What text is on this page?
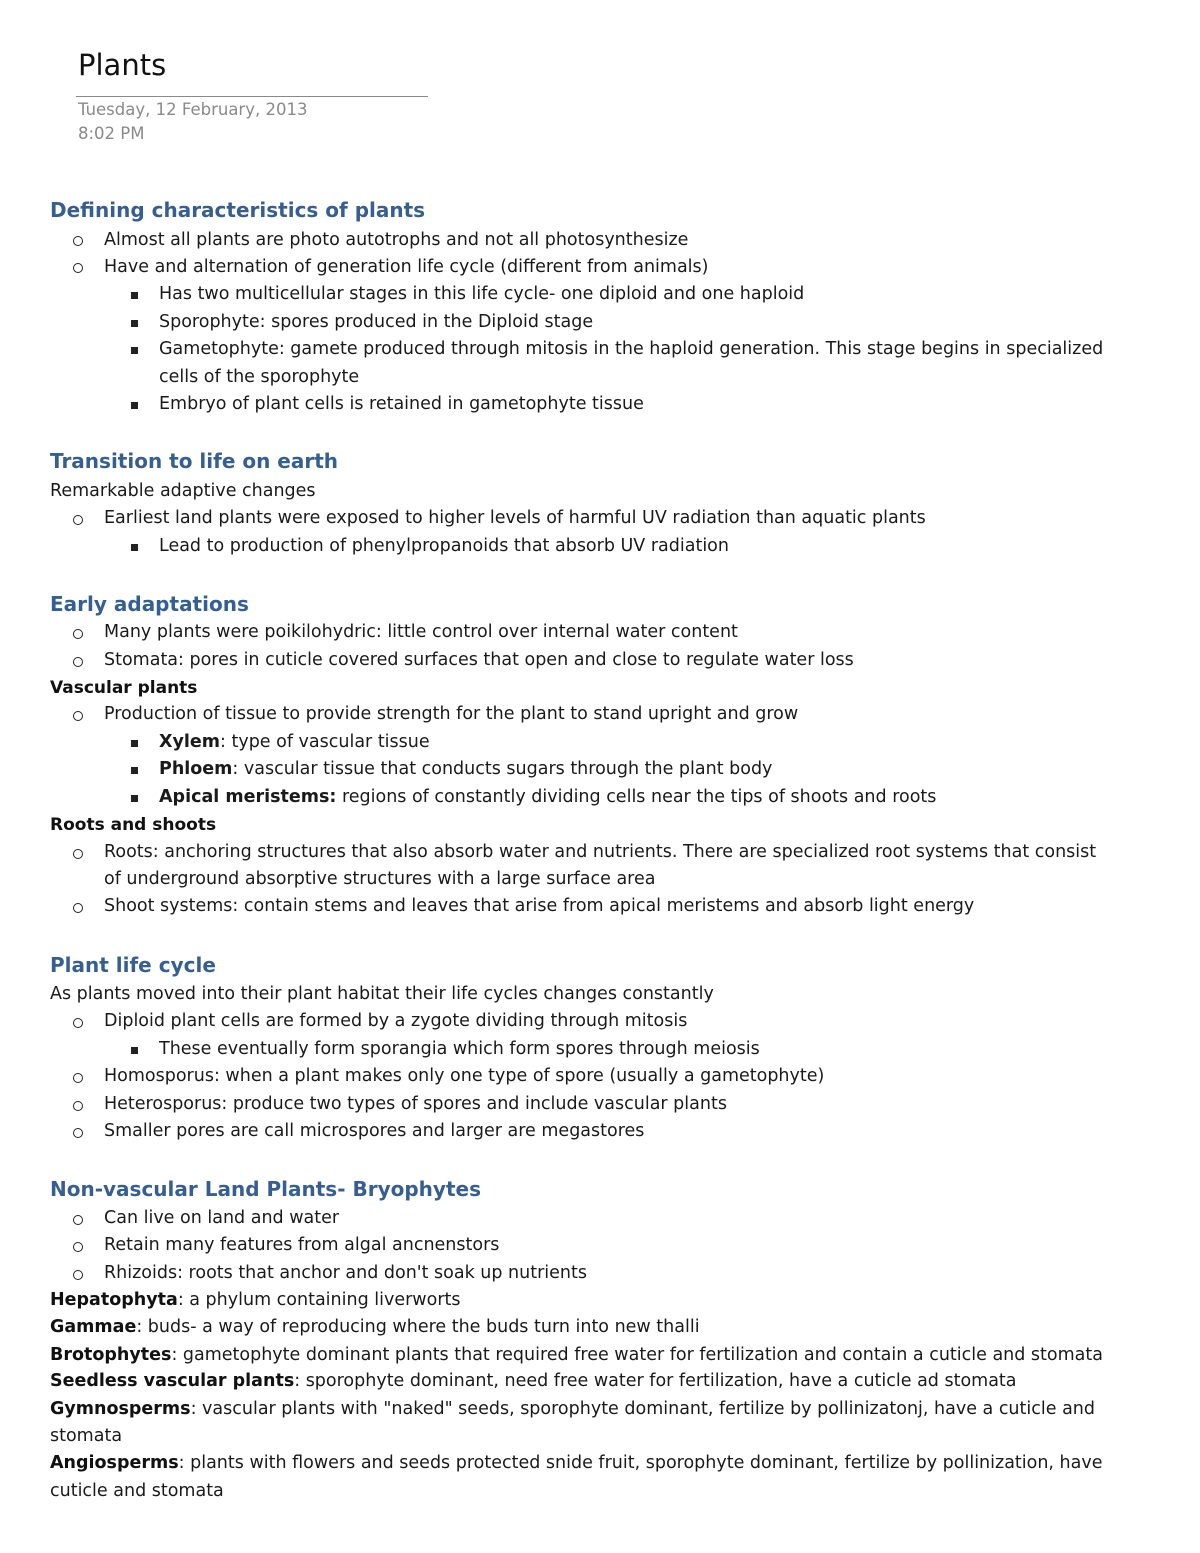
Plants
Tuesday, 12 February, 2013
8:02 PM
Defining characteristics of plants
Almost all plants are photo autotrophs and not all photosynthesize
Have and alternation of generation life cycle (different from animals)
Has two multicellular stages in this life cycle- one diploid and one haploid
Sporophyte: spores produced in the Diploid stage
Gametophyte: gamete produced through mitosis in the haploid generation. This stage begins in specialized
cells of the sporophyte
Embryo of plant cells is retained in gametophyte tissue
Transition to life on earth
Remarkable adaptive changes
Earliest land plants were exposed to higher levels of harmful UV radiation than aquatic plants
Lead to production of phenylpropanoids that absorb UV radiation
Early adaptations
Many plants were poikilohydric: little control over internal water content
Stomata: pores in cuticle covered surfaces that open and close to regulate water loss
Vascular plants
Production of tissue to provide strength for the plant to stand upright and grow
Xylem: type of vascular tissue
Phloem: vascular tissue that conducts sugars through the plant body
Apical meristems: regions of constantly dividing cells near the tips of shoots and roots
Roots and shoots
Roots: anchoring structures that also absorb water and nutrients. There are specialized root systems that consist
of underground absorptive structures with a large surface area
Shoot systems: contain stems and leaves that arise from apical meristems and absorb light energy
Plant life cycle
As plants moved into their plant habitat their life cycles changes constantly
Diploid plant cells are formed by a zygote dividing through mitosis
These eventually form sporangia which form spores through meiosis
Homosporus: when a plant makes only one type of spore (usually a gametophyte)
Heterosporus: produce two types of spores and include vascular plants
Smaller pores are call microspores and larger are megastores
Non-vascular Land Plants- Bryophytes
Can live on land and water
Retain many features from algal ancnenstors
Rhizoids: roots that anchor and don't soak up nutrients
Hepatophyta: a phylum containing liverworts
Gammae: buds- a way of reproducing where the buds turn into new thalli
Brotophytes: gametophyte dominant plants that required free water for fertilization and contain a cuticle and stomata
Seedless vascular plants: sporophyte dominant, need free water for fertilization, have a cuticle ad stomata
Gymnosperms: vascular plants with "naked" seeds, sporophyte dominant, fertilize by pollinizatonj, have a cuticle and
stomata
Angiosperms: plants with flowers and seeds protected snide fruit, sporophyte dominant, fertilize by pollinization, have
cuticle and stomata
